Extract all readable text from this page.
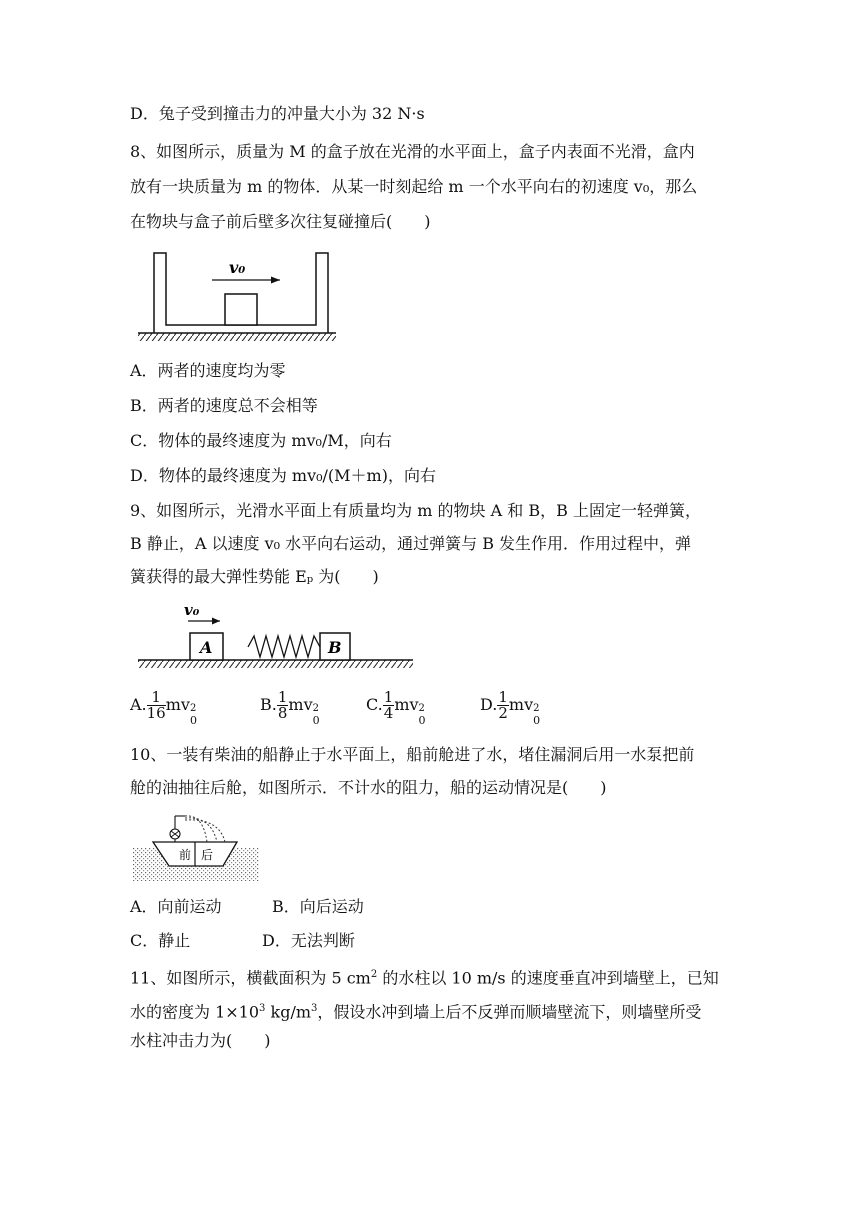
D．兔子受到撞击力的冲量大小为 32 N·s
8、如图所示，质量为 M 的盒子放在光滑的水平面上，盒子内表面不光滑，盒内
放有一块质量为 m 的物体．从某一时刻起给 m 一个水平向右的初速度 v₀，那么
在物块与盒子前后壁多次往复碰撞后(　　)
v₀
A．两者的速度均为零
B．两者的速度总不会相等
C．物体的最终速度为 mv₀/M，向右
D．物体的最终速度为 mv₀/(M＋m)，向右
9、如图所示，光滑水平面上有质量均为 m 的物块 A 和 B，B 上固定一轻弹簧，
B 静止，A 以速度 v₀ 水平向右运动，通过弹簧与 B 发生作用．作用过程中，弹
簧获得的最大弹性势能 Eₚ 为(　　)
v₀
A	B
A. $\frac{1}{16}$ mv 2
0
B. $\frac{1}{8}$ mv 2
0
C. $\frac{1}{4}$ mv 2
0
D. $\frac{1}{2}$ mv 2
0
10、一装有柴油的船静止于水平面上，船前舱进了水，堵住漏洞后用一水泵把前
舱的油抽往后舱，如图所示．不计水的阻力，船的运动情况是(　　)
前 后
A．向前运动	B．向后运动
C．静止	D．无法判断
11、如图所示，横截面积为 5 $cm^2$ 的水柱以 10 m/s 的速度垂直冲到墙壁上，已知
水的密度为 $1\times 10^3$ $kg/m^3$，假设水冲到墙上后不反弹而顺墙壁流下，则墙壁所受
水柱冲击力为(　　)
